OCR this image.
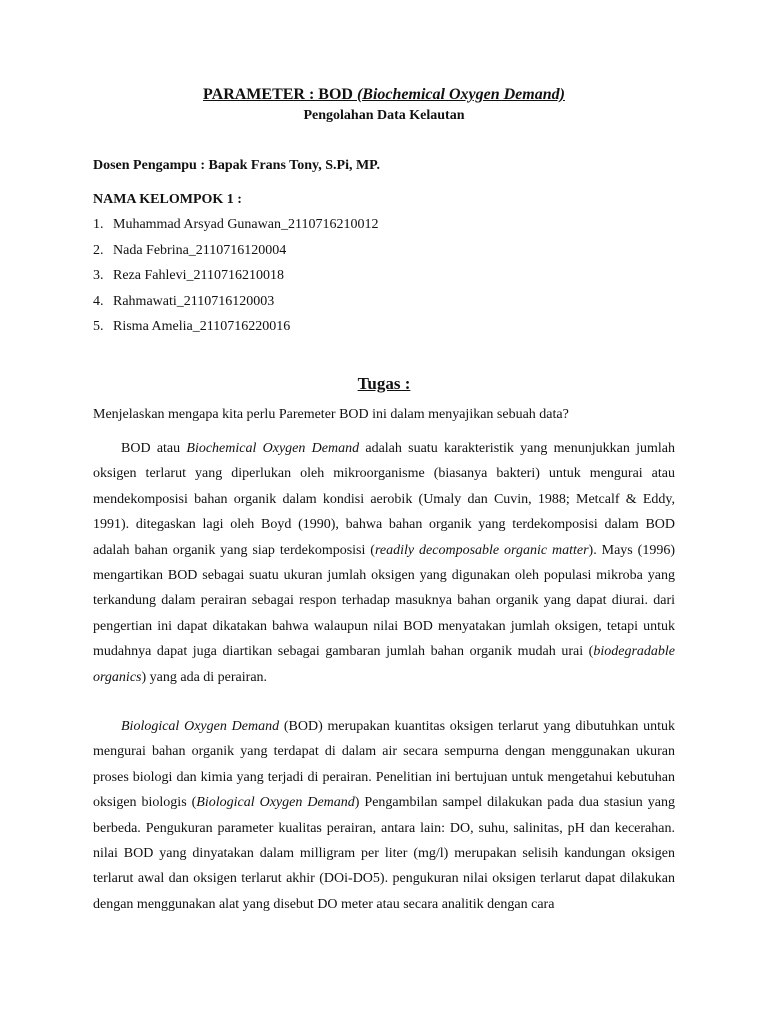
PARAMETER : BOD (Biochemical Oxygen Demand)
Pengolahan Data Kelautan
Dosen Pengampu : Bapak Frans Tony, S.Pi, MP.
NAMA KELOMPOK 1 :
1. Muhammad Arsyad Gunawan_2110716210012
2. Nada Febrina_2110716120004
3. Reza Fahlevi_2110716210018
4. Rahmawati_2110716120003
5. Risma Amelia_2110716220016
Tugas :
Menjelaskan mengapa kita perlu Paremeter BOD ini dalam menyajikan sebuah data?

BOD atau Biochemical Oxygen Demand adalah suatu karakteristik yang menunjukkan jumlah oksigen terlarut yang diperlukan oleh mikroorganisme (biasanya bakteri) untuk mengurai atau mendekomposisi bahan organik dalam kondisi aerobik (Umaly dan Cuvin, 1988; Metcalf & Eddy, 1991). ditegaskan lagi oleh Boyd (1990), bahwa bahan organik yang terdekomposisi dalam BOD adalah bahan organik yang siap terdekomposisi (readily decomposable organic matter). Mays (1996) mengartikan BOD sebagai suatu ukuran jumlah oksigen yang digunakan oleh populasi mikroba yang terkandung dalam perairan sebagai respon terhadap masuknya bahan organik yang dapat diurai. dari pengertian ini dapat dikatakan bahwa walaupun nilai BOD menyatakan jumlah oksigen, tetapi untuk mudahnya dapat juga diartikan sebagai gambaran jumlah bahan organik mudah urai (biodegradable organics) yang ada di perairan.

Biological Oxygen Demand (BOD) merupakan kuantitas oksigen terlarut yang dibutuhkan untuk mengurai bahan organik yang terdapat di dalam air secara sempurna dengan menggunakan ukuran proses biologi dan kimia yang terjadi di perairan. Penelitian ini bertujuan untuk mengetahui kebutuhan oksigen biologis (Biological Oxygen Demand) Pengambilan sampel dilakukan pada dua stasiun yang berbeda. Pengukuran parameter kualitas perairan, antara lain: DO, suhu, salinitas, pH dan kecerahan. nilai BOD yang dinyatakan dalam milligram per liter (mg/l) merupakan selisih kandungan oksigen terlarut awal dan oksigen terlarut akhir (DOi-DO5). pengukuran nilai oksigen terlarut dapat dilakukan dengan menggunakan alat yang disebut DO meter atau secara analitik dengan cara
